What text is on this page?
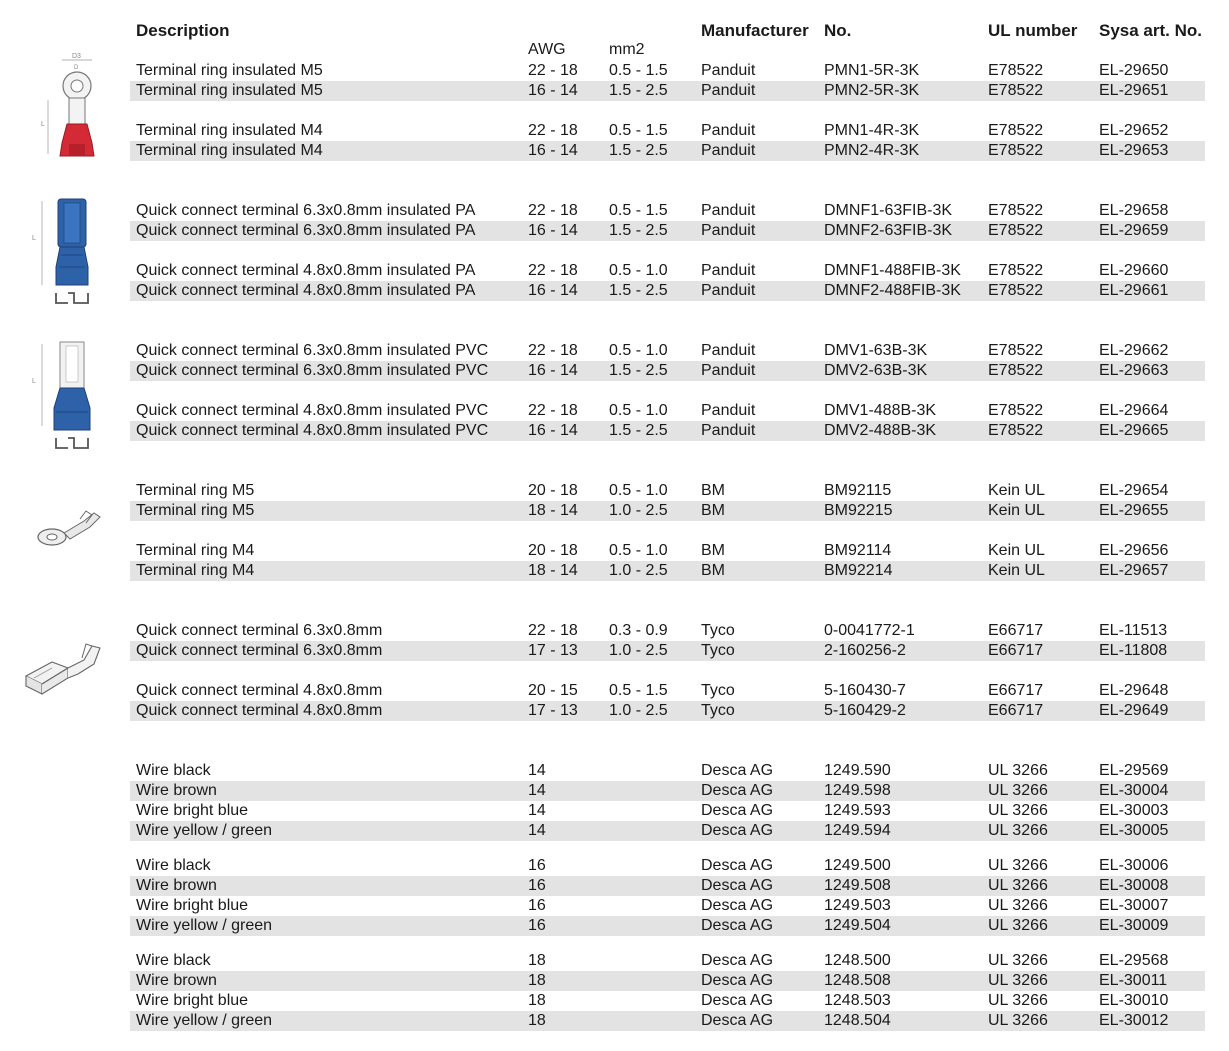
Description	Manufacturer No.	UL number Sysa art. No.
AWG	mm2
Terminal ring insulated M5	22 - 18 0.5 - 1.5 Panduit	PMN1-5R-3K	E78522	EL-29650
Terminal ring insulated M5	16 - 14 1.5 - 2.5 Panduit	PMN2-5R-3K	E78522	EL-29651
Terminal ring insulated M4	22 - 18 0.5 - 1.5 Panduit	PMN1-4R-3K	E78522	EL-29652
Terminal ring insulated M4	16 - 14 1.5 - 2.5 Panduit	PMN2-4R-3K	E78522	EL-29653
Quick connect terminal 6.3x0.8mm insulated PA	22 - 18 0.5 - 1.5 Panduit	DMNF1-63FIB-3K E78522	EL-29658
Quick connect terminal 6.3x0.8mm insulated PA	16 - 14 1.5 - 2.5 Panduit	DMNF2-63FIB-3K E78522	EL-29659
Quick connect terminal 4.8x0.8mm insulated PA	22 - 18 0.5 - 1.0 Panduit	DMNF1-488FIB-3K E78522	EL-29660
Quick connect terminal 4.8x0.8mm insulated PA	16 - 14 1.5 - 2.5 Panduit	DMNF2-488FIB-3K E78522	EL-29661
Quick connect terminal 6.3x0.8mm insulated PVC 22 - 18 0.5 - 1.0 Panduit	DMV1-63B-3K	E78522	EL-29662
Quick connect terminal 6.3x0.8mm insulated PVC 16 - 14 1.5 - 2.5 Panduit	DMV2-63B-3K	E78522	EL-29663
Quick connect terminal 4.8x0.8mm insulated PVC 22 - 18 0.5 - 1.0 Panduit	DMV1-488B-3K	E78522	EL-29664
Quick connect terminal 4.8x0.8mm insulated PVC 16 - 14 1.5 - 2.5 Panduit	DMV2-488B-3K	E78522	EL-29665
Terminal ring M5	20 - 18 0.5 - 1.0 BM	BM92115	Kein UL	EL-29654
Terminal ring M5	18 - 14 1.0 - 2.5 BM	BM92215	Kein UL	EL-29655
Terminal ring M4	20 - 18 0.5 - 1.0 BM	BM92114	Kein UL	EL-29656
Terminal ring M4	18 - 14 1.0 - 2.5 BM	BM92214	Kein UL	EL-29657
Quick connect terminal 6.3x0.8mm	22 - 18 0.3 - 0.9 Tyco	0-0041772-1	E66717	EL-11513
Quick connect terminal 6.3x0.8mm	17 - 13 1.0 - 2.5 Tyco	2-160256-2	E66717	EL-11808
Quick connect terminal 4.8x0.8mm	20 - 15 0.5 - 1.5 Tyco	5-160430-7	E66717	EL-29648
Quick connect terminal 4.8x0.8mm	17 - 13 1.0 - 2.5 Tyco	5-160429-2	E66717	EL-29649
Wire black	14	Desca AG	1249.590	UL 3266	EL-29569
Wire brown	14	Desca AG	1249.598	UL 3266	EL-30004
Wire bright blue	14	Desca AG	1249.593	UL 3266	EL-30003
Wire yellow / green	14	Desca AG	1249.594	UL 3266	EL-30005
Wire black	16	Desca AG	1249.500	UL 3266	EL-30006
Wire brown	16	Desca AG	1249.508	UL 3266	EL-30008
Wire bright blue	16	Desca AG	1249.503	UL 3266	EL-30007
Wire yellow / green	16	Desca AG	1249.504	UL 3266	EL-30009
Wire black	18	Desca AG	1248.500	UL 3266	EL-29568
Wire brown	18	Desca AG	1248.508	UL 3266	EL-30011
Wire bright blue	18	Desca AG	1248.503	UL 3266	EL-30010
Wire yellow / green	18	Desca AG	1248.504	UL 3266	EL-30012
D3
D
L
L
L
